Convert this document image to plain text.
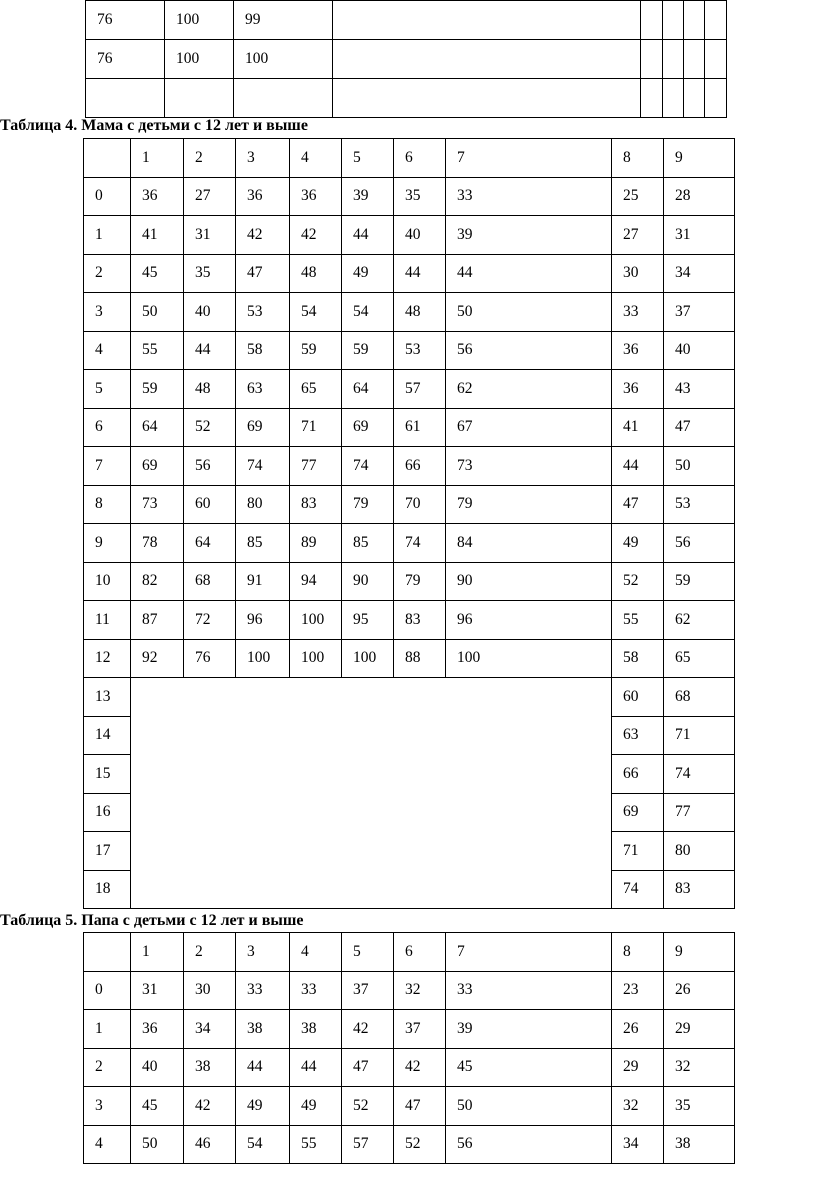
76	100	99					
76	100	100					

Таблица 4. Мама с детьми с 12 лет и выше
	1	2	3	4	5	6	7	8	9
0	36	27	36	36	39	35	33	25	28
1	41	31	42	42	44	40	39	27	31
2	45	35	47	48	49	44	44	30	34
3	50	40	53	54	54	48	50	33	37
4	55	44	58	59	59	53	56	36	40
5	59	48	63	65	64	57	62	36	43
6	64	52	69	71	69	61	67	41	47
7	69	56	74	77	74	66	73	44	50
8	73	60	80	83	79	70	79	47	53
9	78	64	85	89	85	74	84	49	56
10	82	68	91	94	90	79	90	52	59
11	87	72	96	100	95	83	96	55	62
12	92	76	100	100	100	88	100	58	65
13								60	68
14								63	71
15								66	74
16								69	77
17								71	80
18								74	83
Таблица 5. Папа с детьми с 12 лет и выше
	1	2	3	4	5	6	7	8	9
0	31	30	33	33	37	32	33	23	26
1	36	34	38	38	42	37	39	26	29
2	40	38	44	44	47	42	45	29	32
3	45	42	49	49	52	47	50	32	35
4	50	46	54	55	57	52	56	34	38
